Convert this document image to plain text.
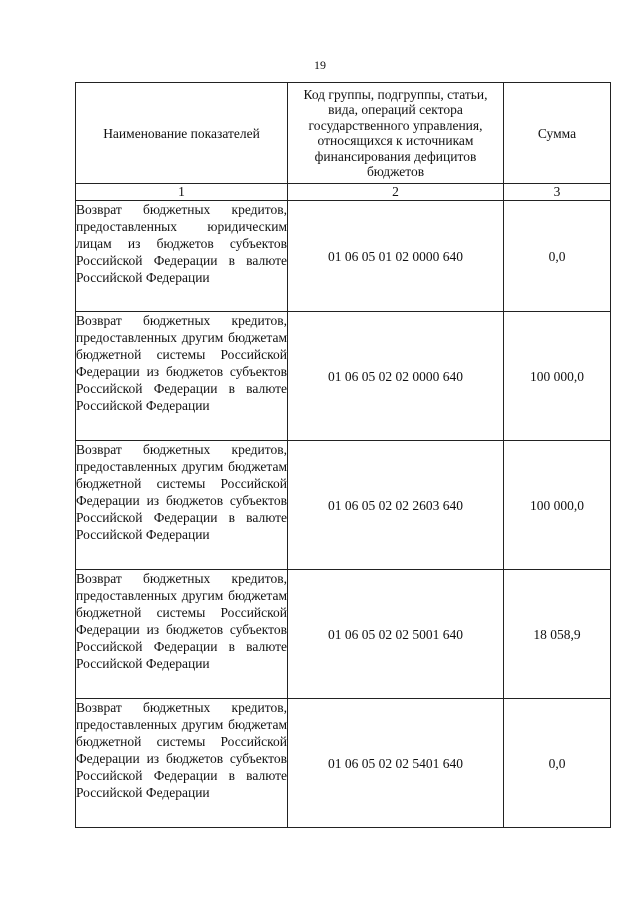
19
Наименование показателей	Код группы, подгруппы, статьи, вида, операций сектора государственного управления, относящихся к источникам финансирования дефицитов бюджетов	Сумма
1	2	3

Возврат бюджетных кредитов, предоставленных юридическим лицам из бюджетов субъектов Российской Федерации в валюте Российской Федерации	01 06 05 01 02 0000 640	0,0

Возврат бюджетных кредитов, предоставленных другим бюджетам бюджетной системы Российской Федерации из бюджетов субъектов Российской Федерации в валюте Российской Федерации	01 06 05 02 02 0000 640	100 000,0

Возврат бюджетных кредитов, предоставленных другим бюджетам бюджетной системы Российской Федерации из бюджетов субъектов Российской Федерации в валюте Российской Федерации	01 06 05 02 02 2603 640	100 000,0

Возврат бюджетных кредитов, предоставленных другим бюджетам бюджетной системы Российской Федерации из бюджетов субъектов Российской Федерации в валюте Российской Федерации	01 06 05 02 02 5001 640	18 058,9

Возврат бюджетных кредитов, предоставленных другим бюджетам бюджетной системы Российской Федерации из бюджетов субъектов Российской Федерации в валюте Российской Федерации	01 06 05 02 02 5401 640	0,0
